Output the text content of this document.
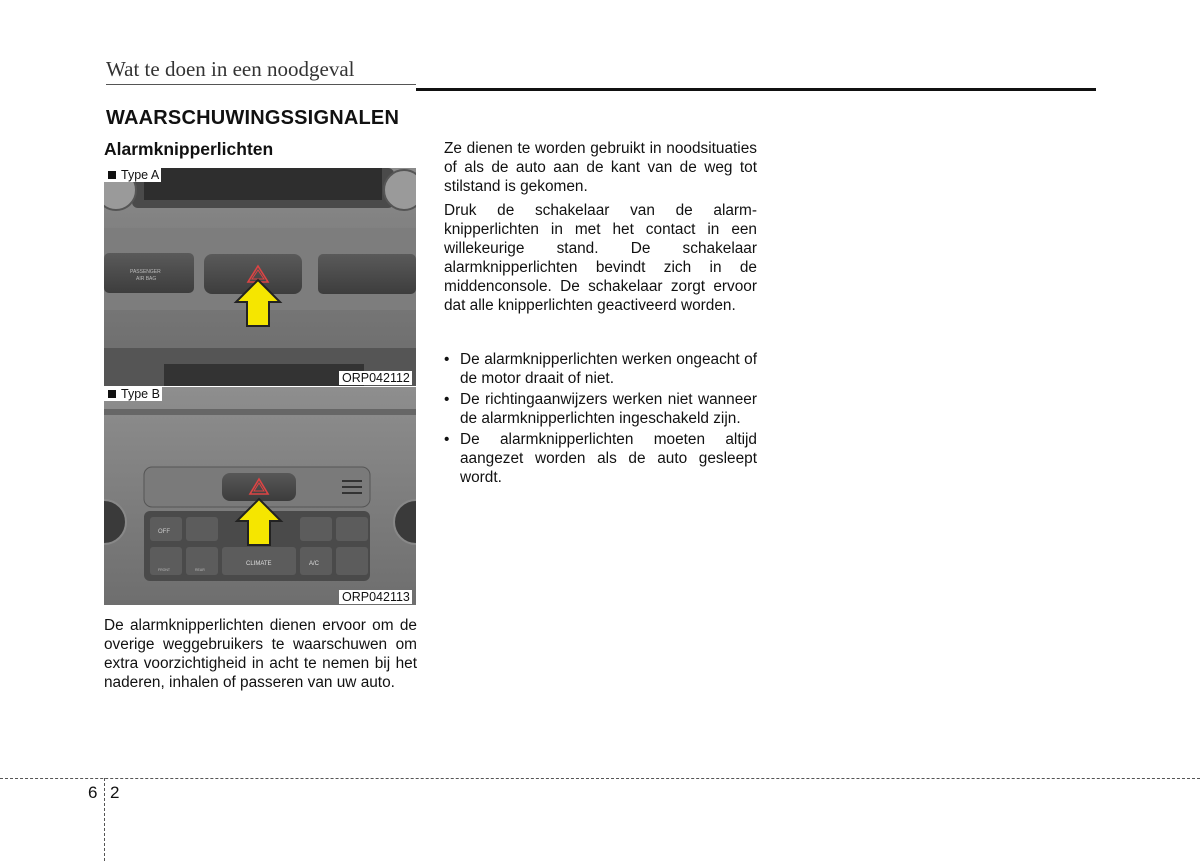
Wat te doen in een noodgeval
WAARSCHUWINGSSIGNALEN
Alarmknipperlichten
Type A
PASSENGER
AIR BAG
ORP042112
Type B
OFF
FRONT	REAR
CLIMATE	A/C
ORP042113

De alarmknipperlichten dienen ervoor om de overige weggebruikers te waarschuwen om extra voorzichtigheid in acht te nemen bij het naderen, inhalen of passeren van uw auto.

Ze dienen te worden gebruikt in noodsituaties of als de auto aan de kant van de weg tot stilstand is gekomen.

Druk de schakelaar van de alarm-knipperlichten in met het contact in een willekeurige stand. De schakelaar alarmknipperlichten bevindt zich in de middenconsole. De schakelaar zorgt ervoor dat alle knipperlichten geactiveerd worden.

• De alarmknipperlichten werken ongeacht of de motor draait of niet.
• De richtingaanwijzers werken niet wanneer de alarmknipperlichten ingeschakeld zijn.
• De alarmknipperlichten moeten altijd aangezet worden als de auto gesleept wordt.
6 2
